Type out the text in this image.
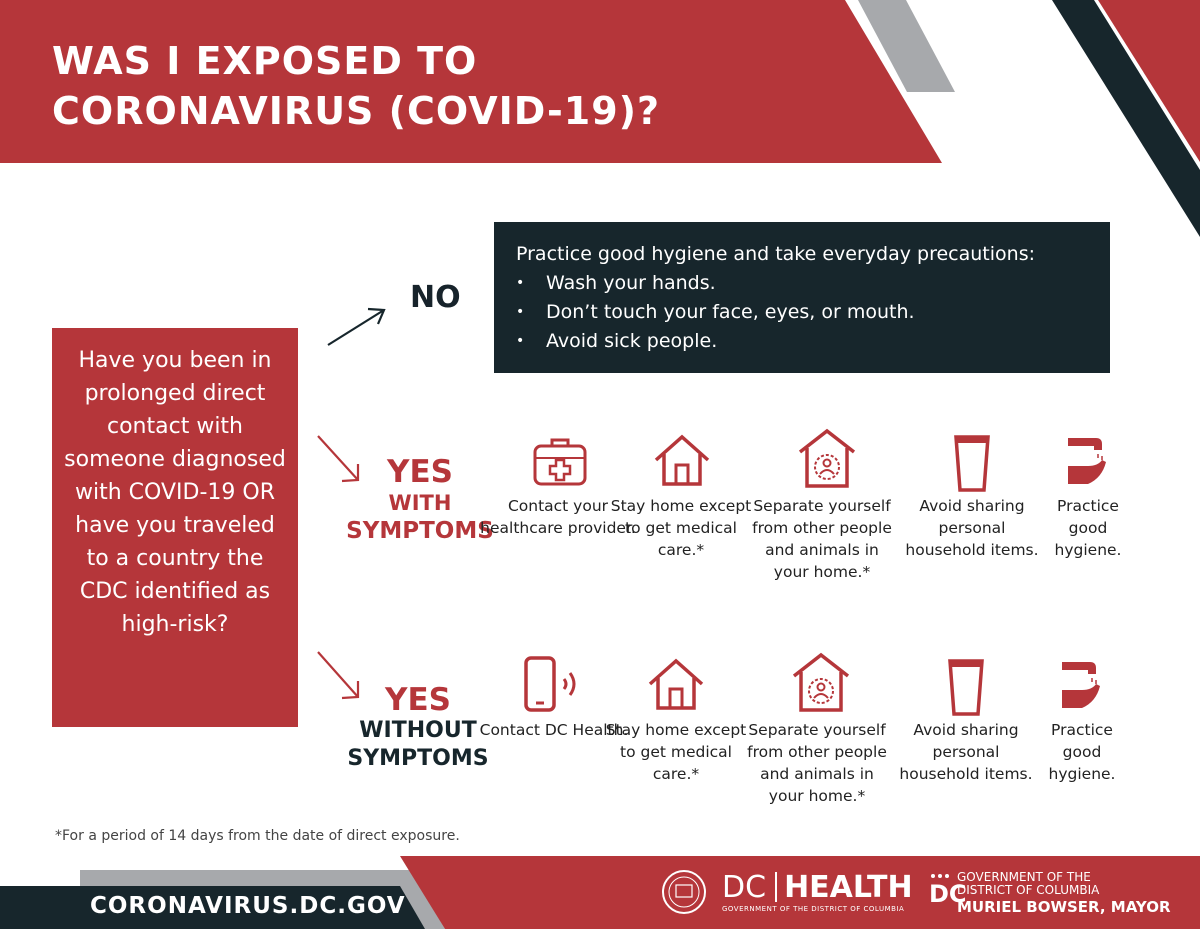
WAS I EXPOSED TO
CORONAVIRUS (COVID-19)?
Have you been in prolonged direct contact with someone diagnosed with COVID-19 OR have you traveled to a country the CDC identified as high-risk?
NO
Practice good hygiene and take everyday precautions:
• Wash your hands.
• Don’t touch your face, eyes, or mouth.
• Avoid sick people.
YES
WITH
SYMPTOMS
YES
WITHOUT
SYMPTOMS
Contact your healthcare provider.
Stay home except to get medical care.*
Separate yourself from other people and animals in your home.*
Avoid sharing personal household items.
Practice good hygiene.
Contact DC Health.
Stay home except to get medical care.*
Separate yourself from other people and animals in your home.*
Avoid sharing personal household items.
Practice good hygiene.
*For a period of 14 days from the date of direct exposure.
CORONAVIRUS.DC.GOV
DC HEALTH
GOVERNMENT OF THE DISTRICT OF COLUMBIA
DC
GOVERNMENT OF THE
DISTRICT OF COLUMBIA
MURIEL BOWSER, MAYOR
